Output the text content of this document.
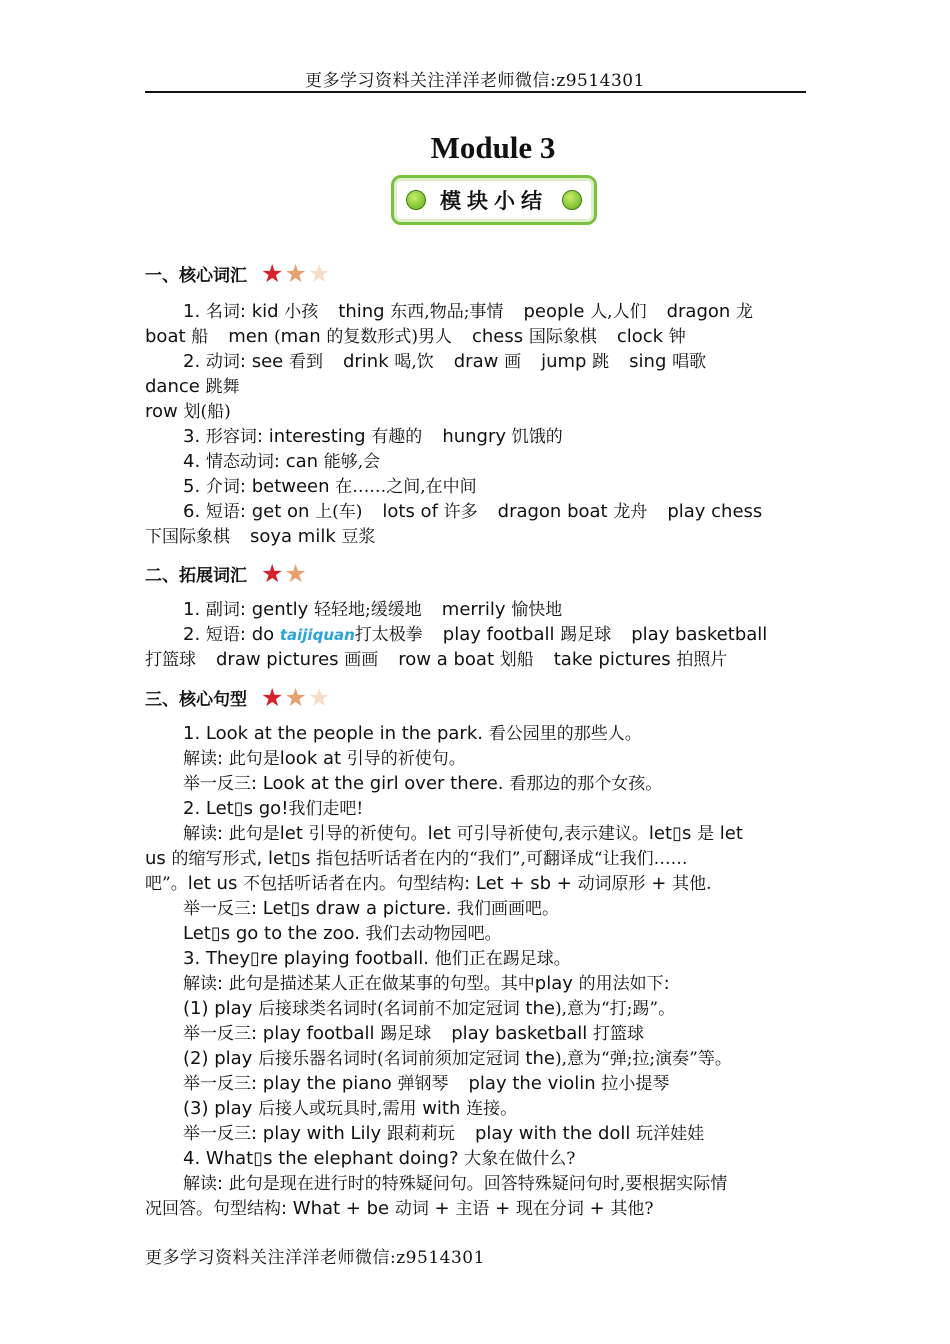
更多学习资料关注洋洋老师微信:z9514301
Module 3
模块小结
一、核心词汇 ★ ★ ★
1. 名词: kid 小孩 thing 东西,物品;事情 people 人,人们 dragon 龙
boat 船 men (man 的复数形式)男人 chess 国际象棋 clock 钟
2. 动词: see 看到 drink 喝,饮 draw 画 jump 跳 sing 唱歌
dance 跳舞
row 划(船)
3. 形容词: interesting 有趣的 hungry 饥饿的
4. 情态动词: can 能够,会
5. 介词: between 在……之间,在中间
6. 短语: get on 上(车) lots of 许多 dragon boat 龙舟 play chess
下国际象棋 soya milk 豆浆
二、拓展词汇 ★ ★
1. 副词: gently 轻轻地;缓缓地 merrily 愉快地
2. 短语: do taijiquan打太极拳 play football 踢足球 play basketball
打篮球 draw pictures 画画 row a boat 划船 take pictures 拍照片
三、核心句型 ★ ★ ★
1. Look at the people in the park. 看公园里的那些人。
解读: 此句是look at 引导的祈使句。
举一反三: Look at the girl over there. 看那边的那个女孩。
2. Let▯s go!我们走吧!
解读: 此句是let 引导的祈使句。let 可引导祈使句,表示建议。let▯s 是 let
us 的缩写形式, let▯s 指包括听话者在内的“我们”,可翻译成“让我们……
吧”。let us 不包括听话者在内。句型结构: Let + sb + 动词原形 + 其他.
举一反三: Let▯s draw a picture. 我们画画吧。
Let▯s go to the zoo. 我们去动物园吧。
3. They▯re playing football. 他们正在踢足球。
解读: 此句是描述某人正在做某事的句型。其中play 的用法如下:
(1) play 后接球类名词时(名词前不加定冠词 the),意为“打;踢”。
举一反三: play football 踢足球 play basketball 打篮球
(2) play 后接乐器名词时(名词前须加定冠词 the),意为“弹;拉;演奏”等。
举一反三: play the piano 弹钢琴 play the violin 拉小提琴
(3) play 后接人或玩具时,需用 with 连接。
举一反三: play with Lily 跟莉莉玩 play with the doll 玩洋娃娃
4. What▯s the elephant doing? 大象在做什么?
解读: 此句是现在进行时的特殊疑问句。回答特殊疑问句时,要根据实际情
况回答。句型结构: What + be 动词 + 主语 + 现在分词 + 其他?
更多学习资料关注洋洋老师微信:z9514301
